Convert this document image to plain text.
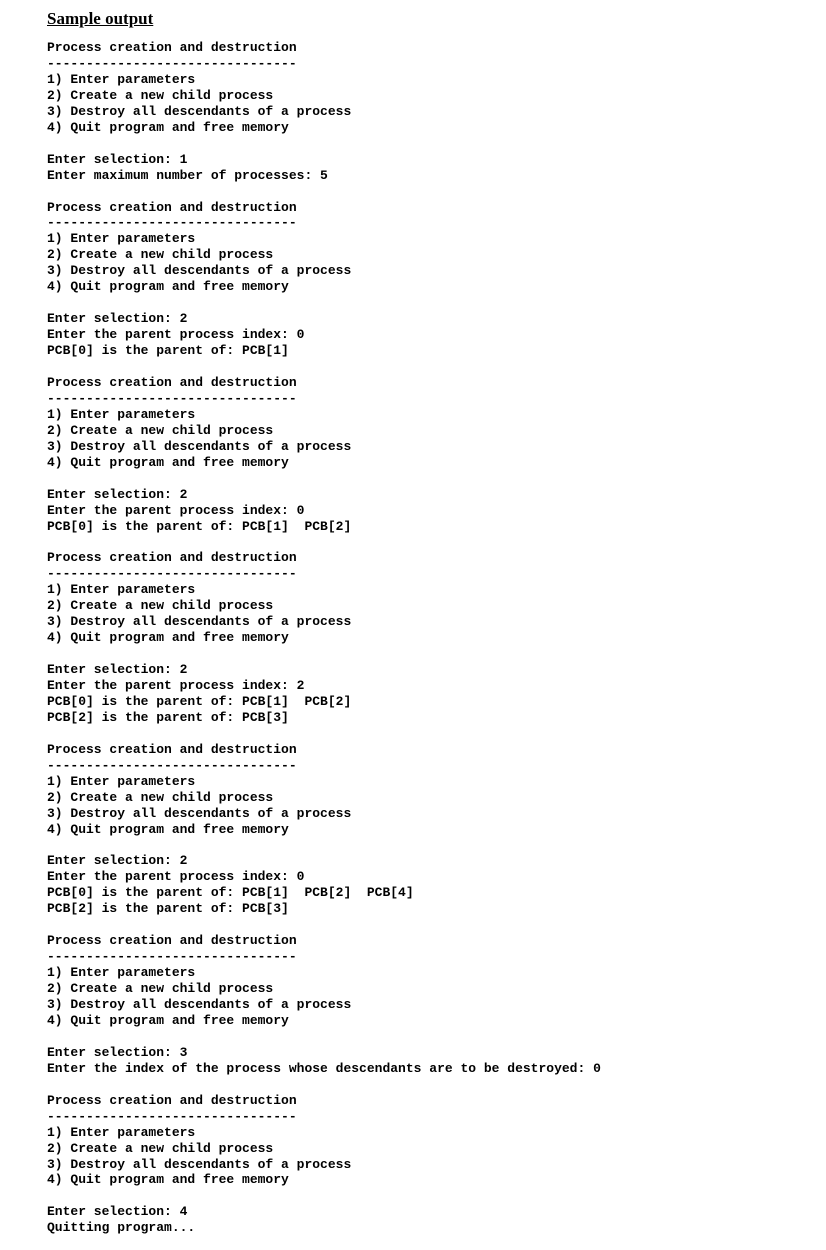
Sample output
Process creation and destruction
--------------------------------
1) Enter parameters
2) Create a new child process
3) Destroy all descendants of a process
4) Quit program and free memory
Enter selection: 1
Enter maximum number of processes: 5
Process creation and destruction
--------------------------------
1) Enter parameters
2) Create a new child process
3) Destroy all descendants of a process
4) Quit program and free memory
Enter selection: 2
Enter the parent process index: 0
PCB[0] is the parent of: PCB[1]
Process creation and destruction
--------------------------------
1) Enter parameters
2) Create a new child process
3) Destroy all descendants of a process
4) Quit program and free memory
Enter selection: 2
Enter the parent process index: 0
PCB[0] is the parent of: PCB[1]  PCB[2]
Process creation and destruction
--------------------------------
1) Enter parameters
2) Create a new child process
3) Destroy all descendants of a process
4) Quit program and free memory
Enter selection: 2
Enter the parent process index: 2
PCB[0] is the parent of: PCB[1]  PCB[2]
PCB[2] is the parent of: PCB[3]
Process creation and destruction
--------------------------------
1) Enter parameters
2) Create a new child process
3) Destroy all descendants of a process
4) Quit program and free memory
Enter selection: 2
Enter the parent process index: 0
PCB[0] is the parent of: PCB[1]  PCB[2]  PCB[4]
PCB[2] is the parent of: PCB[3]
Process creation and destruction
--------------------------------
1) Enter parameters
2) Create a new child process
3) Destroy all descendants of a process
4) Quit program and free memory
Enter selection: 3
Enter the index of the process whose descendants are to be destroyed: 0
Process creation and destruction
--------------------------------
1) Enter parameters
2) Create a new child process
3) Destroy all descendants of a process
4) Quit program and free memory
Enter selection: 4
Quitting program...
